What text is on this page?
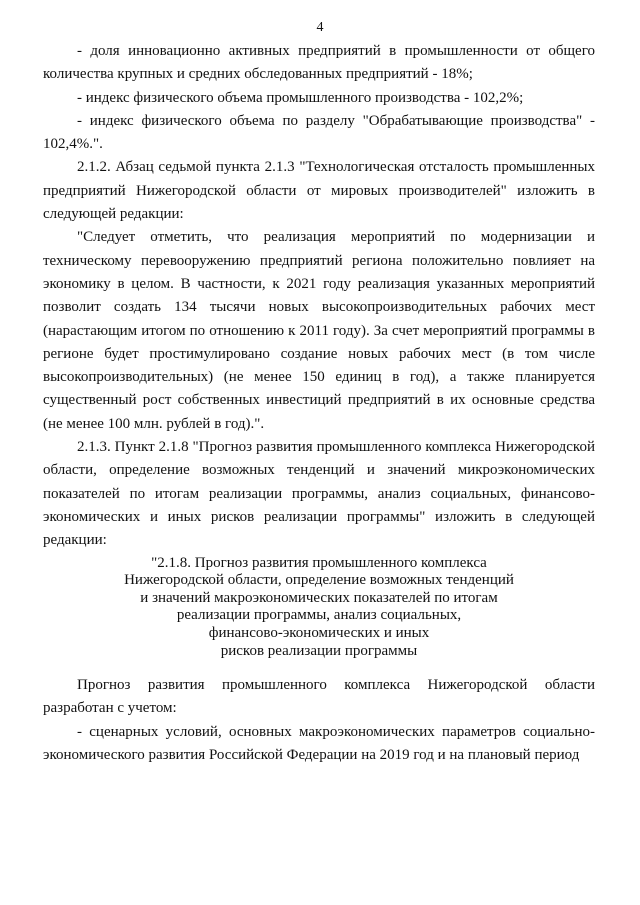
4

- доля инновационно активных предприятий в промышленности от общего количества крупных и средних обследованных предприятий - 18%;

- индекс физического объема промышленного производства - 102,2%;

- индекс физического объема по разделу "Обрабатывающие производства" - 102,4%.".

2.1.2. Абзац седьмой пункта 2.1.3 "Технологическая отсталость промышленных предприятий Нижегородской области от мировых производителей" изложить в следующей редакции:

"Следует отметить, что реализация мероприятий по модернизации и техническому перевооружению предприятий региона положительно повлияет на экономику в целом. В частности, к 2021 году реализация указанных мероприятий позволит создать 134 тысячи новых высокопроизводительных рабочих мест (нарастающим итогом по отношению к 2011 году). За счет мероприятий программы в регионе будет простимулировано создание новых рабочих мест (в том числе высокопроизводительных) (не менее 150 единиц в год), а также планируется существенный рост собственных инвестиций предприятий в их основные средства (не менее 100 млн. рублей в год).".

2.1.3. Пункт 2.1.8 "Прогноз развития промышленного комплекса Нижегородской области, определение возможных тенденций и значений микроэкономических показателей по итогам реализации программы, анализ социальных, финансово-экономических и иных рисков реализации программы" изложить в следующей редакции:

"2.1.8. Прогноз развития промышленного комплекса
Нижегородской области, определение возможных тенденций
и значений макроэкономических показателей по итогам
реализации программы, анализ социальных,
финансово-экономических и иных
рисков реализации программы

Прогноз развития промышленного комплекса Нижегородской области разработан с учетом:

- сценарных условий, основных макроэкономических параметров социально-экономического развития Российской Федерации на 2019 год и на плановый период
